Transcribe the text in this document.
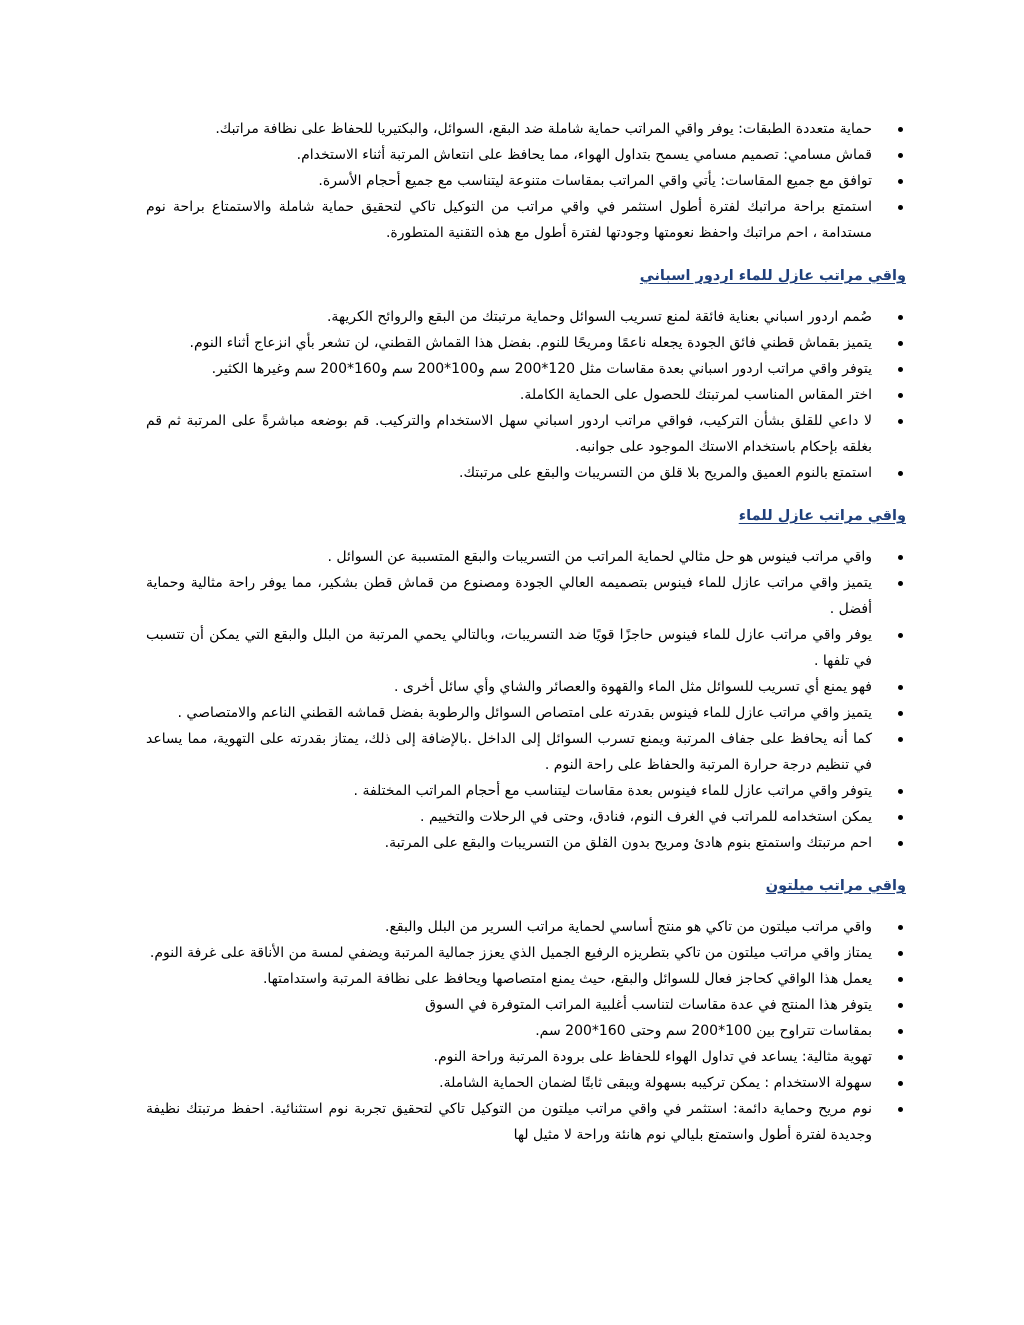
حماية متعددة الطبقات: يوفر واقي المراتب حماية شاملة ضد البقع، السوائل، والبكتيريا للحفاظ على نظافة مراتبك.
قماش مسامي: تصميم مسامي يسمح بتداول الهواء، مما يحافظ على انتعاش المرتبة أثناء الاستخدام.
توافق مع جميع المقاسات: يأتي واقي المراتب بمقاسات متنوعة ليتناسب مع جميع أحجام الأسرة.
استمتع براحة مراتبك لفترة أطول استثمر في واقي مراتب من التوكيل تاكي لتحقيق حماية شاملة والاستمتاع براحة نوم مستدامة ، احم مراتبك واحفظ نعومتها وجودتها لفترة أطول مع هذه التقنية المتطورة.
واقي مراتب عازل للماء اردور اسباني
صُمم اردور اسباني بعناية فائقة لمنع تسريب السوائل وحماية مرتبتك من البقع والروائح الكريهة.
يتميز بقماش قطني فائق الجودة يجعله ناعمًا ومريحًا للنوم. بفضل هذا القماش القطني، لن تشعر بأي انزعاج أثناء النوم.
يتوفر واقي مراتب اردور اسباني بعدة مقاسات مثل 120*200 سم و100*200 سم و160*200 سم وغيرها الكثير.
اختر المقاس المناسب لمرتبتك للحصول على الحماية الكاملة.
لا داعي للقلق بشأن التركيب، فواقي مراتب اردور اسباني سهل الاستخدام والتركيب. قم بوضعه مباشرةً على المرتبة ثم قم بغلقه بإحكام باستخدام الاستك الموجود على جوانبه.
استمتع بالنوم العميق والمريح بلا قلق من التسريبات والبقع على مرتبتك.
واقي مراتب عازل للماء
واقي مراتب فينوس هو حل مثالي لحماية المراتب من التسريبات والبقع المتسببة عن السوائل .
يتميز واقي مراتب عازل للماء فينوس بتصميمه العالي الجودة ومصنوع من قماش قطن بشكير، مما يوفر راحة مثالية وحماية أفضل .
يوفر واقي مراتب عازل للماء فينوس حاجزًا قويًا ضد التسريبات، وبالتالي يحمي المرتبة من البلل والبقع التي يمكن أن تتسبب في تلفها .
فهو يمنع أي تسريب للسوائل مثل الماء والقهوة والعصائر والشاي وأي سائل أخرى .
يتميز واقي مراتب عازل للماء فينوس بقدرته على امتصاص السوائل والرطوبة بفضل قماشه القطني الناعم والامتصاصي .
كما أنه يحافظ على جفاف المرتبة ويمنع تسرب السوائل إلى الداخل .بالإضافة إلى ذلك، يمتاز بقدرته على التهوية، مما يساعد في تنظيم درجة حرارة المرتبة والحفاظ على راحة النوم .
يتوفر واقي مراتب عازل للماء فينوس بعدة مقاسات ليتناسب مع أحجام المراتب المختلفة .
يمكن استخدامه للمراتب في الغرف النوم، فنادق، وحتى في الرحلات والتخييم .
احم مرتبتك واستمتع بنوم هادئ ومريح بدون القلق من التسريبات والبقع على المرتبة.
واقي مراتب ميلتون
واقي مراتب ميلتون من تاكي هو منتج أساسي لحماية مراتب السرير من البلل والبقع.
يمتاز واقي مراتب ميلتون من تاكي بتطريزه الرفيع الجميل الذي يعزز جمالية المرتبة ويضفي لمسة من الأناقة على غرفة النوم.
يعمل هذا الواقي كحاجز فعال للسوائل والبقع، حيث يمنع امتصاصها ويحافظ على نظافة المرتبة واستدامتها.
يتوفر هذا المنتج في عدة مقاسات لتناسب أغلبية المراتب المتوفرة في السوق
بمقاسات تتراوح بين 100*200 سم وحتى 160*200 سم.
تهوية مثالية: يساعد في تداول الهواء للحفاظ على برودة المرتبة وراحة النوم.
سهولة الاستخدام : يمكن تركيبه بسهولة ويبقى ثابتًا لضمان الحماية الشاملة.
نوم مريح وحماية دائمة: استثمر في واقي مراتب ميلتون من التوكيل تاكي لتحقيق تجربة نوم استثنائية. احفظ مرتبتك نظيفة وجديدة لفترة أطول واستمتع بليالي نوم هانئة وراحة لا مثيل لها
